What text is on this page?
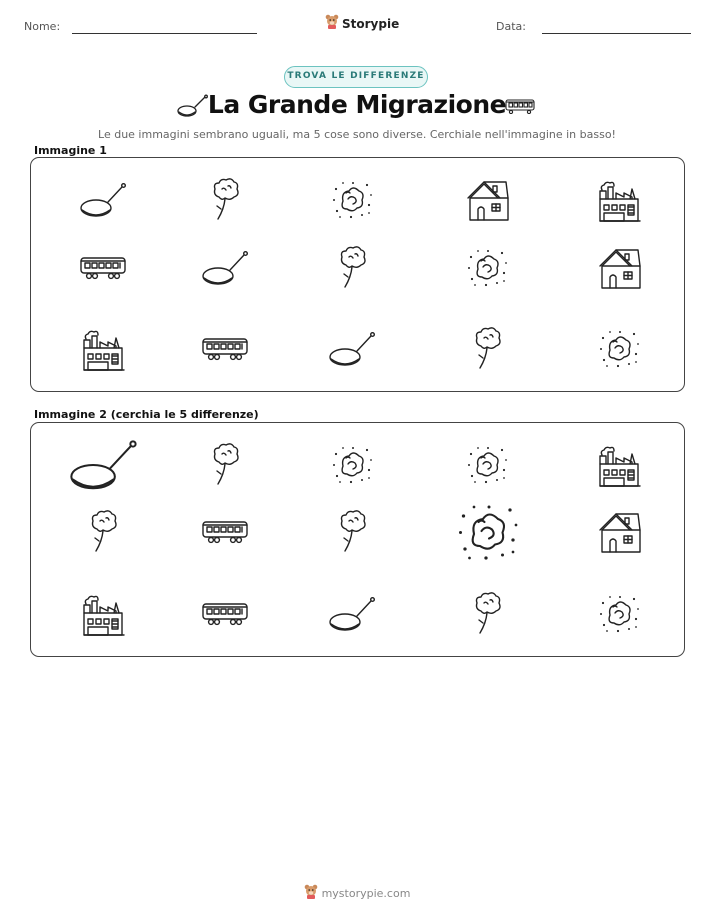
Nome:	Storypie	Data:
TROVA LE DIFFERENZE
La Grande Migrazione
Le due immagini sembrano uguali, ma 5 cose sono diverse. Cerchiale nell'immagine in basso!
Immagine 1
Immagine 2 (cerchia le 5 differenze)
mystorypie.com
